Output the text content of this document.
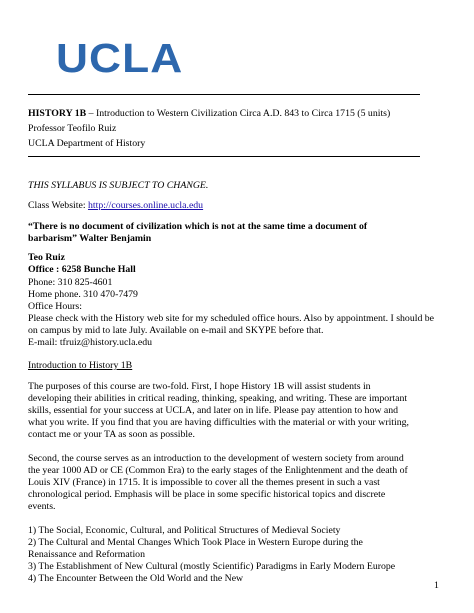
UCLA
HISTORY 1B – Introduction to Western Civilization Circa A.D. 843 to Circa 1715 (5 units)
Professor Teofilo Ruiz
UCLA Department of History
THIS SYLLABUS IS SUBJECT TO CHANGE.
Class Website: http://courses.online.ucla.edu
“There is no document of civilization which is not at the same time a document of
barbarism” Walter Benjamin
Teo Ruiz
Office : 6258 Bunche Hall
Phone: 310 825-4601
Home phone. 310 470-7479
Office Hours:
Please check with the History web site for my scheduled office hours. Also by appointment. I should be
on campus by mid to late July. Available on e-mail and SKYPE before that.
E-mail: tfruiz@history.ucla.edu
Introduction to History 1B
The purposes of this course are two-fold. First, I hope History 1B will assist students in
developing their abilities in critical reading, thinking, speaking, and writing. These are important
skills, essential for your success at UCLA, and later on in life. Please pay attention to how and
what you write. If you find that you are having difficulties with the material or with your writing,
contact me or your TA as soon as possible.
Second, the course serves as an introduction to the development of western society from around
the year 1000 AD or CE (Common Era) to the early stages of the Enlightenment and the death of
Louis XIV (France) in 1715. It is impossible to cover all the themes present in such a vast
chronological period. Emphasis will be place in some specific historical topics and discrete
events.
1) The Social, Economic, Cultural, and Political Structures of Medieval Society
2) The Cultural and Mental Changes Which Took Place in Western Europe during the
Renaissance and Reformation
3) The Establishment of New Cultural (mostly Scientific) Paradigms in Early Modern Europe
4) The Encounter Between the Old World and the New
1
